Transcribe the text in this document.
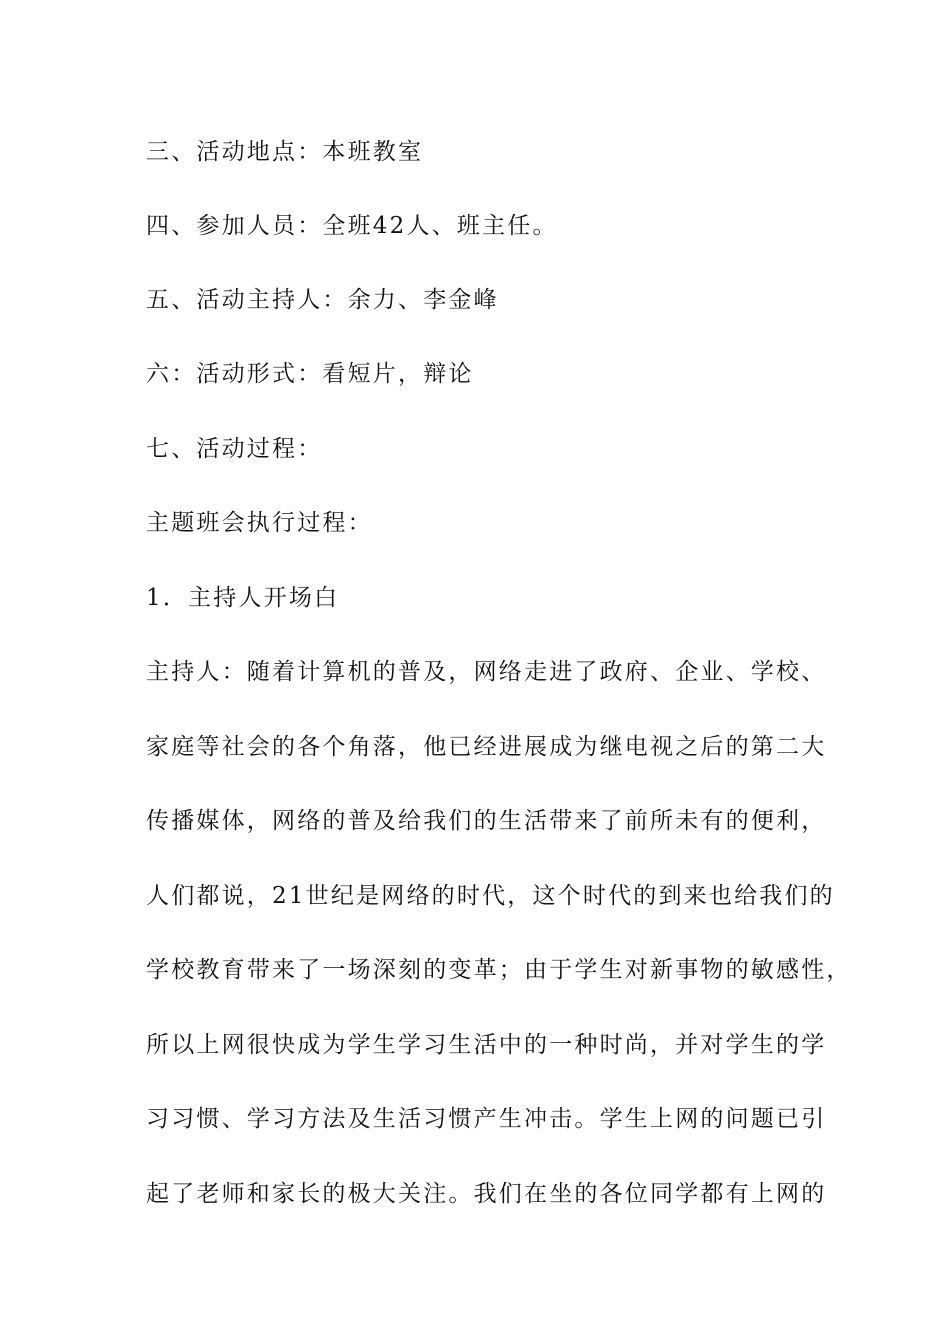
三、活动地点：本班教室

四、参加人员：全班42人、班主任。

五、活动主持人：余力、李金峰

六：活动形式：看短片，辩论

七、活动过程：

主题班会执行过程：

1．主持人开场白

主持人：随着计算机的普及，网络走进了政府、企业、学校、

家庭等社会的各个角落，他已经进展成为继电视之后的第二大

传播媒体，网络的普及给我们的生活带来了前所未有的便利，

人们都说，21世纪是网络的时代，这个时代的到来也给我们的

学校教育带来了一场深刻的变革；由于学生对新事物的敏感性，

所以上网很快成为学生学习生活中的一种时尚，并对学生的学

习习惯、学习方法及生活习惯产生冲击。学生上网的问题已引

起了老师和家长的极大关注。我们在坐的各位同学都有上网的
